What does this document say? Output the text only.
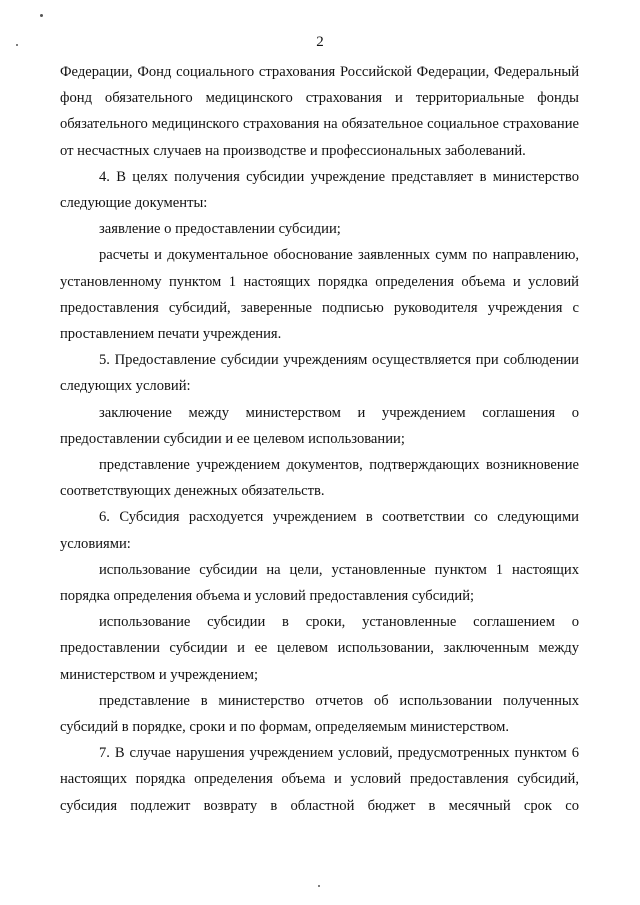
2

Федерации, Фонд социального страхования Российской Федерации, Федеральный фонд обязательного медицинского страхования и территориальные фонды обязательного медицинского страхования на обязательное социальное страхование от несчастных случаев на производстве и профессиональных заболеваний.

4. В целях получения субсидии учреждение представляет в министерство следующие документы:

заявление о предоставлении субсидии;

расчеты и документальное обоснование заявленных сумм по направлению, установленному пунктом 1 настоящих порядка определения объема и условий предоставления субсидий, заверенные подписью руководителя учреждения с проставлением печати учреждения.

5. Предоставление субсидии учреждениям осуществляется при соблюдении следующих условий:

заключение между министерством и учреждением соглашения о предоставлении субсидии и ее целевом использовании;

представление учреждением документов, подтверждающих возникновение соответствующих денежных обязательств.

6. Субсидия расходуется учреждением в соответствии со следующими условиями:

использование субсидии на цели, установленные пунктом 1 настоящих порядка определения объема и условий предоставления субсидий;

использование субсидии в сроки, установленные соглашением о предоставлении субсидии и ее целевом использовании, заключенным между министерством и учреждением;

представление в министерство отчетов об использовании полученных субсидий в порядке, сроки и по формам, определяемым министерством.

7. В случае нарушения учреждением условий, предусмотренных пунктом 6 настоящих порядка определения объема и условий предоставления субсидий, субсидия подлежит возврату в областной бюджет в месячный срок со
